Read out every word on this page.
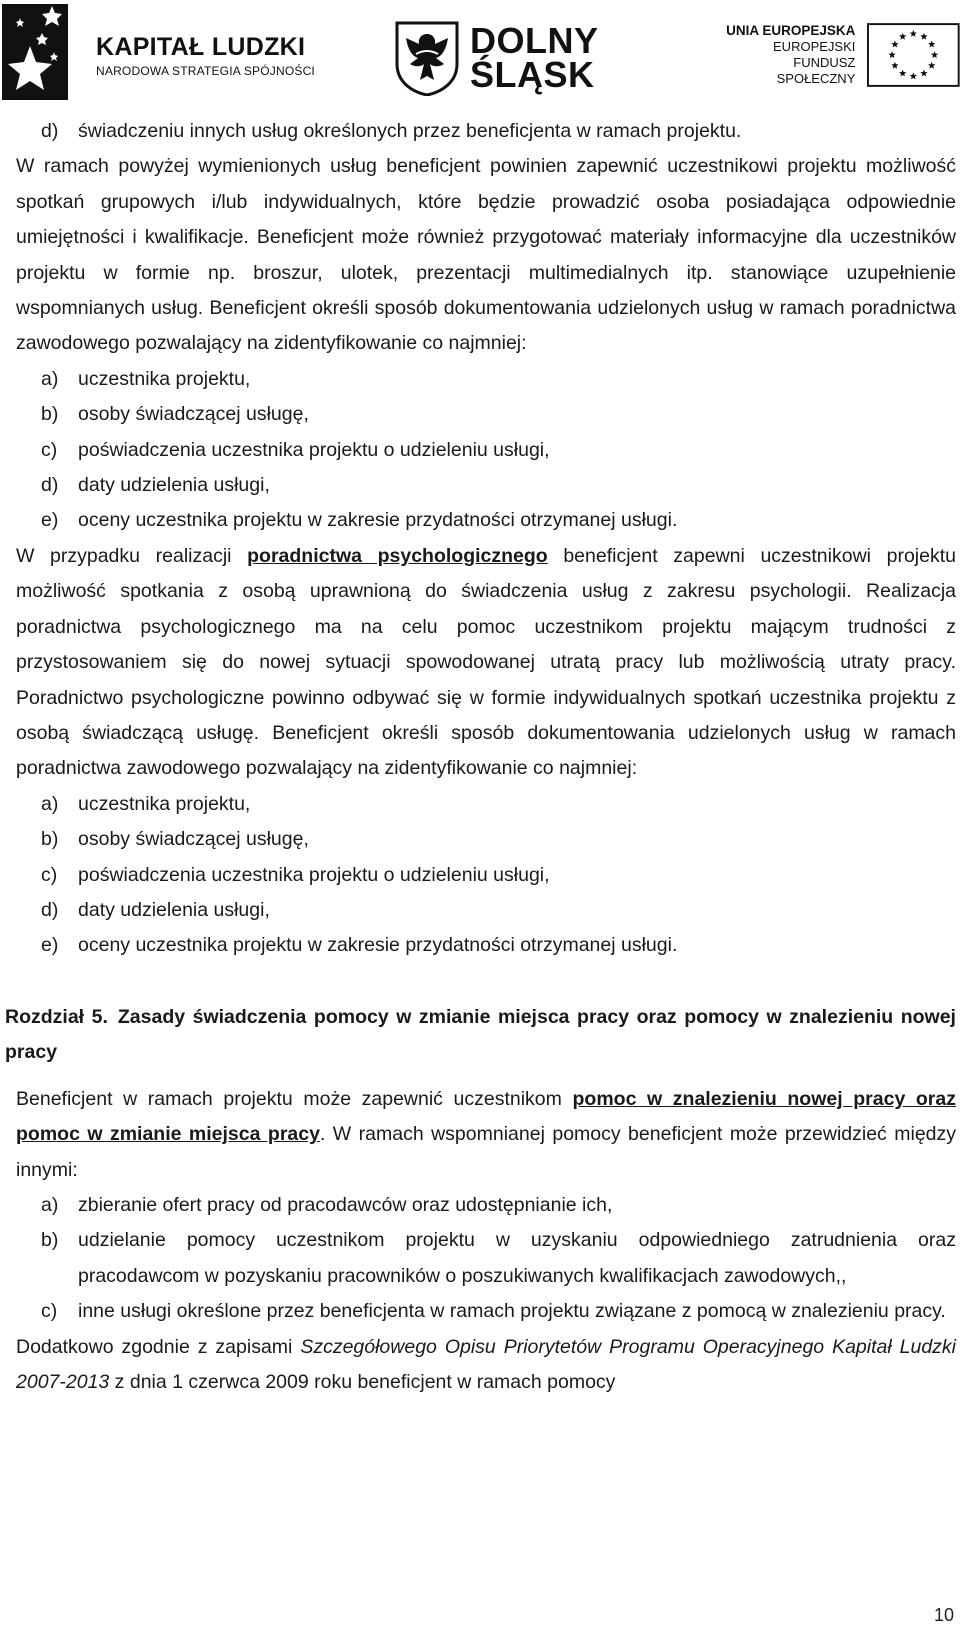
KAPITAŁ LUDZKI
NARODOWA STRATEGIA SPÓJNOŚCI
DOLNY
ŚLĄSK
UNIA EUROPEJSKA
EUROPEJSKI
FUNDUSZ SPOŁECZNY
d) świadczeniu innych usług określonych przez beneficjenta w ramach projektu.

W ramach powyżej wymienionych usług beneficjent powinien zapewnić uczestnikowi projektu możliwość spotkań grupowych i/lub indywidualnych, które będzie prowadzić osoba posiadająca odpowiednie umiejętności i kwalifikacje. Beneficjent może również przygotować materiały informacyjne dla uczestników projektu w formie np. broszur, ulotek, prezentacji multimedialnych itp. stanowiące uzupełnienie wspomnianych usług. Beneficjent określi sposób dokumentowania udzielonych usług w ramach poradnictwa zawodowego pozwalający na zidentyfikowanie co najmniej:

a) uczestnika projektu,
b) osoby świadczącej usługę,
c) poświadczenia uczestnika projektu o udzieleniu usługi,
d) daty udzielenia usługi,
e) oceny uczestnika projektu w zakresie przydatności otrzymanej usługi.

W przypadku realizacji poradnictwa psychologicznego beneficjent zapewni uczestnikowi projektu możliwość spotkania z osobą uprawnioną do świadczenia usług z zakresu psychologii. Realizacja poradnictwa psychologicznego ma na celu pomoc uczestnikom projektu mającym trudności z przystosowaniem się do nowej sytuacji spowodowanej utratą pracy lub możliwością utraty pracy. Poradnictwo psychologiczne powinno odbywać się w formie indywidualnych spotkań uczestnika projektu z osobą świadczącą usługę. Beneficjent określi sposób dokumentowania udzielonych usług w ramach poradnictwa zawodowego pozwalający na zidentyfikowanie co najmniej:

a) uczestnika projektu,
b) osoby świadczącej usługę,
c) poświadczenia uczestnika projektu o udzieleniu usługi,
d) daty udzielenia usługi,
e) oceny uczestnika projektu w zakresie przydatności otrzymanej usługi.
Rozdział 5. Zasady świadczenia pomocy w zmianie miejsca pracy oraz pomocy w znalezieniu nowej pracy

Beneficjent w ramach projektu może zapewnić uczestnikom pomoc w znalezieniu nowej pracy oraz pomoc w zmianie miejsca pracy. W ramach wspomnianej pomocy beneficjent może przewidzieć między innymi:

a) zbieranie ofert pracy od pracodawców oraz udostępnianie ich,
b) udzielanie pomocy uczestnikom projektu w uzyskaniu odpowiedniego zatrudnienia oraz pracodawcom w pozyskaniu pracowników o poszukiwanych kwalifikacjach zawodowych,,
c) inne usługi określone przez beneficjenta w ramach projektu związane z pomocą w znalezieniu pracy.

Dodatkowo zgodnie z zapisami Szczegółowego Opisu Priorytetów Programu Operacyjnego Kapitał Ludzki 2007-2013 z dnia 1 czerwca 2009 roku beneficjent w ramach pomocy

10
